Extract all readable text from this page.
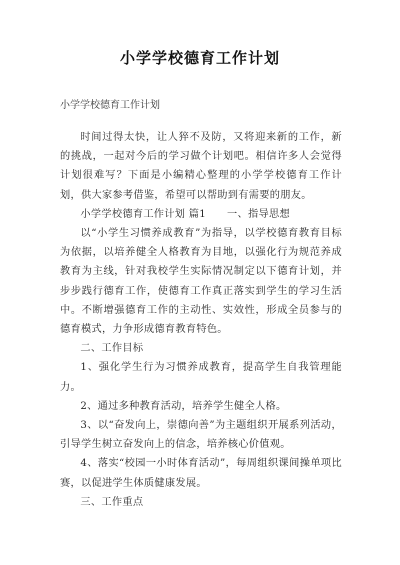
小学学校德育工作计划

小学学校德育工作计划

时间过得太快，让人猝不及防，又将迎来新的工作，新的挑战，一起对今后的学习做个计划吧。相信许多人会觉得计划很难写？下面是小编精心整理的小学学校德育工作计划，供大家参考借鉴，希望可以帮助到有需要的朋友。

小学学校德育工作计划 篇1　　一、指导思想

以“小学生习惯养成教育”为指导，以学校德育教育目标为依据，以培养健全人格教育为目地，以强化行为规范养成教育为主线，针对我校学生实际情况制定以下德育计划，并步步践行德育工作，使德育工作真正落实到学生的学习生活中。不断增强德育工作的主动性、实效性，形成全员参与的德育模式，力争形成德育教育特色。

二、工作目标

1、强化学生行为习惯养成教育，提高学生自我管理能力。

2、通过多种教育活动，培养学生健全人格。

3、以“奋发向上，崇德向善”为主题组织开展系列活动，引导学生树立奋发向上的信念，培养核心价值观。

4、落实“校园一小时体育活动”，每周组织课间操单项比赛，以促进学生体质健康发展。

三、工作重点
